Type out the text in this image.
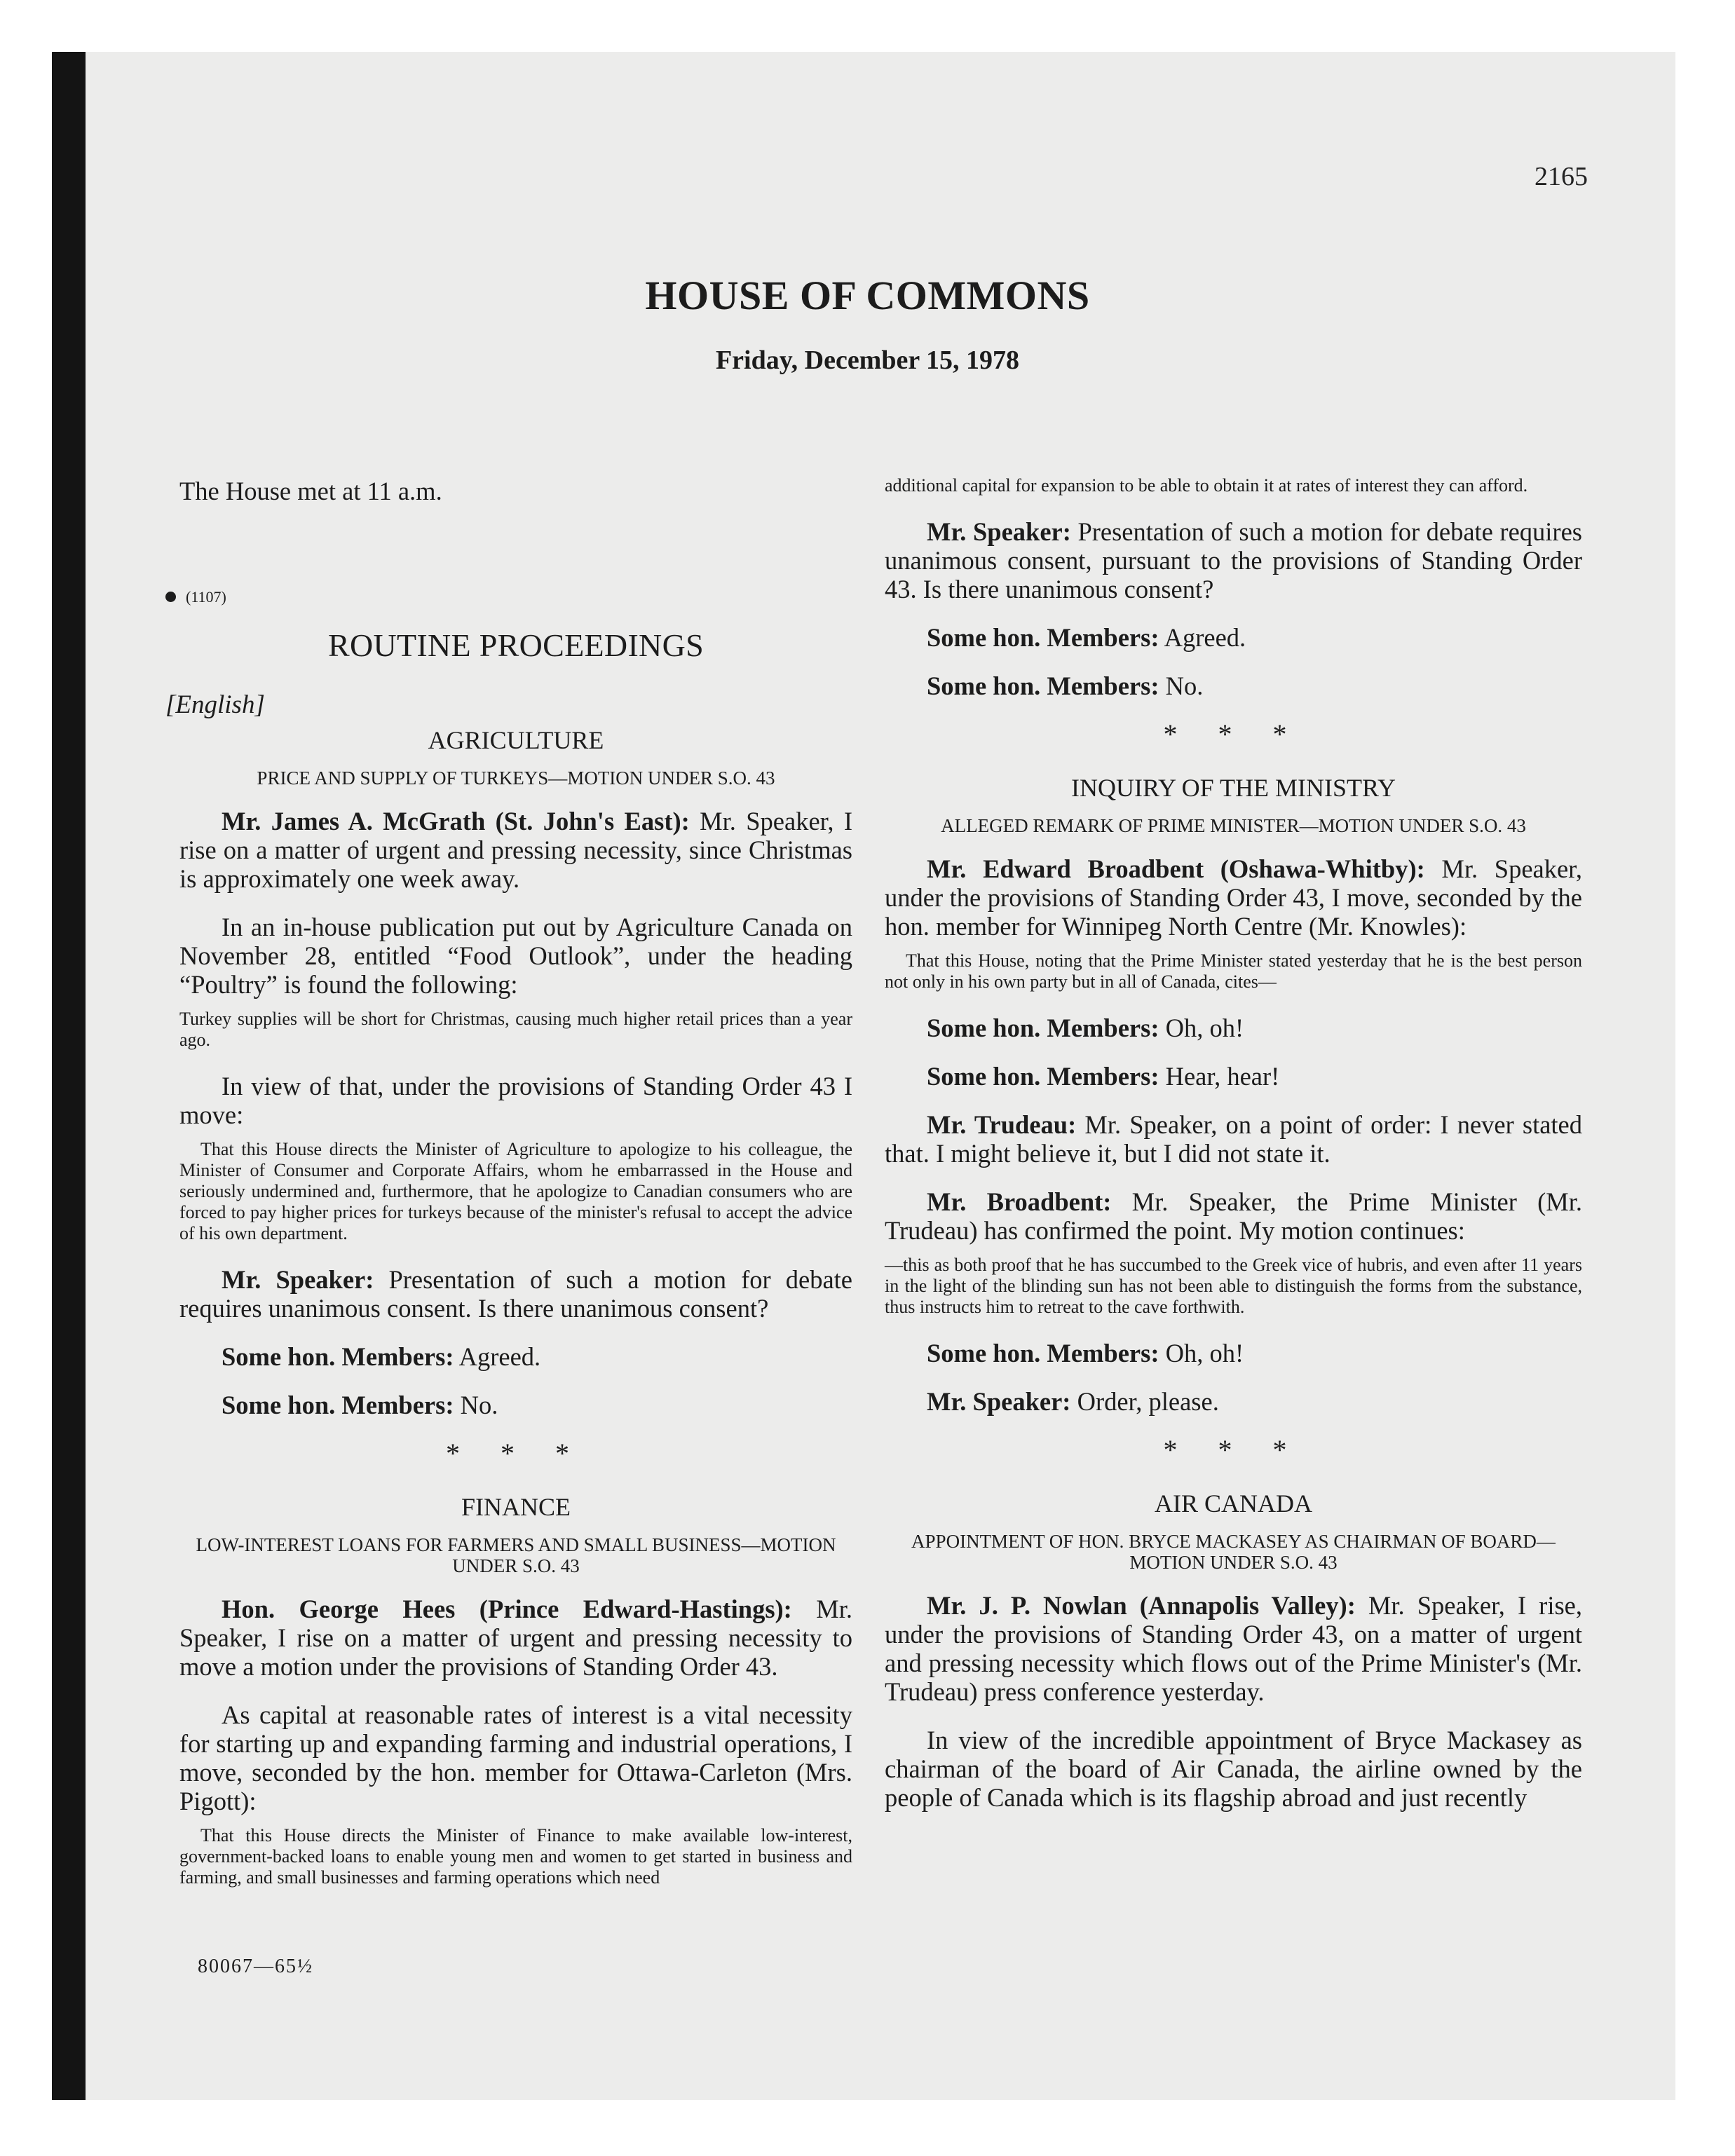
2165
HOUSE OF COMMONS
Friday, December 15, 1978

The House met at 11 a.m.

(1107)
ROUTINE PROCEEDINGS
[English]
AGRICULTURE
PRICE AND SUPPLY OF TURKEYS—MOTION UNDER S.O. 43

Mr. James A. McGrath (St. John's East): Mr. Speaker, I rise on a matter of urgent and pressing necessity, since Christmas is approximately one week away.

In an in-house publication put out by Agriculture Canada on November 28, entitled “Food Outlook”, under the heading “Poultry” is found the following:

Turkey supplies will be short for Christmas, causing much higher retail prices than a year ago.

In view of that, under the provisions of Standing Order 43 I move:

That this House directs the Minister of Agriculture to apologize to his colleague, the Minister of Consumer and Corporate Affairs, whom he embarrassed in the House and seriously undermined and, furthermore, that he apologize to Canadian consumers who are forced to pay higher prices for turkeys because of the minister's refusal to accept the advice of his own department.

Mr. Speaker: Presentation of such a motion for debate requires unanimous consent. Is there unanimous consent?

Some hon. Members: Agreed.

Some hon. Members: No.

* * *
FINANCE
LOW-INTEREST LOANS FOR FARMERS AND SMALL BUSINESS—MOTION UNDER S.O. 43

Hon. George Hees (Prince Edward-Hastings): Mr. Speaker, I rise on a matter of urgent and pressing necessity to move a motion under the provisions of Standing Order 43.

As capital at reasonable rates of interest is a vital necessity for starting up and expanding farming and industrial operations, I move, seconded by the hon. member for Ottawa-Carleton (Mrs. Pigott):

That this House directs the Minister of Finance to make available low-interest, government-backed loans to enable young men and women to get started in business and farming, and small businesses and farming operations which need

80067—65½

additional capital for expansion to be able to obtain it at rates of interest they can afford.

Mr. Speaker: Presentation of such a motion for debate requires unanimous consent, pursuant to the provisions of Standing Order 43. Is there unanimous consent?

Some hon. Members: Agreed.

Some hon. Members: No.

* * *
INQUIRY OF THE MINISTRY
ALLEGED REMARK OF PRIME MINISTER—MOTION UNDER S.O. 43

Mr. Edward Broadbent (Oshawa-Whitby): Mr. Speaker, under the provisions of Standing Order 43, I move, seconded by the hon. member for Winnipeg North Centre (Mr. Knowles):

That this House, noting that the Prime Minister stated yesterday that he is the best person not only in his own party but in all of Canada, cites—

Some hon. Members: Oh, oh!

Some hon. Members: Hear, hear!

Mr. Trudeau: Mr. Speaker, on a point of order: I never stated that. I might believe it, but I did not state it.

Mr. Broadbent: Mr. Speaker, the Prime Minister (Mr. Trudeau) has confirmed the point. My motion continues:

—this as both proof that he has succumbed to the Greek vice of hubris, and even after 11 years in the light of the blinding sun has not been able to distinguish the forms from the substance, thus instructs him to retreat to the cave forthwith.

Some hon. Members: Oh, oh!

Mr. Speaker: Order, please.

* * *
AIR CANADA
APPOINTMENT OF HON. BRYCE MACKASEY AS CHAIRMAN OF BOARD—MOTION UNDER S.O. 43

Mr. J. P. Nowlan (Annapolis Valley): Mr. Speaker, I rise, under the provisions of Standing Order 43, on a matter of urgent and pressing necessity which flows out of the Prime Minister's (Mr. Trudeau) press conference yesterday.

In view of the incredible appointment of Bryce Mackasey as chairman of the board of Air Canada, the airline owned by the people of Canada which is its flagship abroad and just recently
